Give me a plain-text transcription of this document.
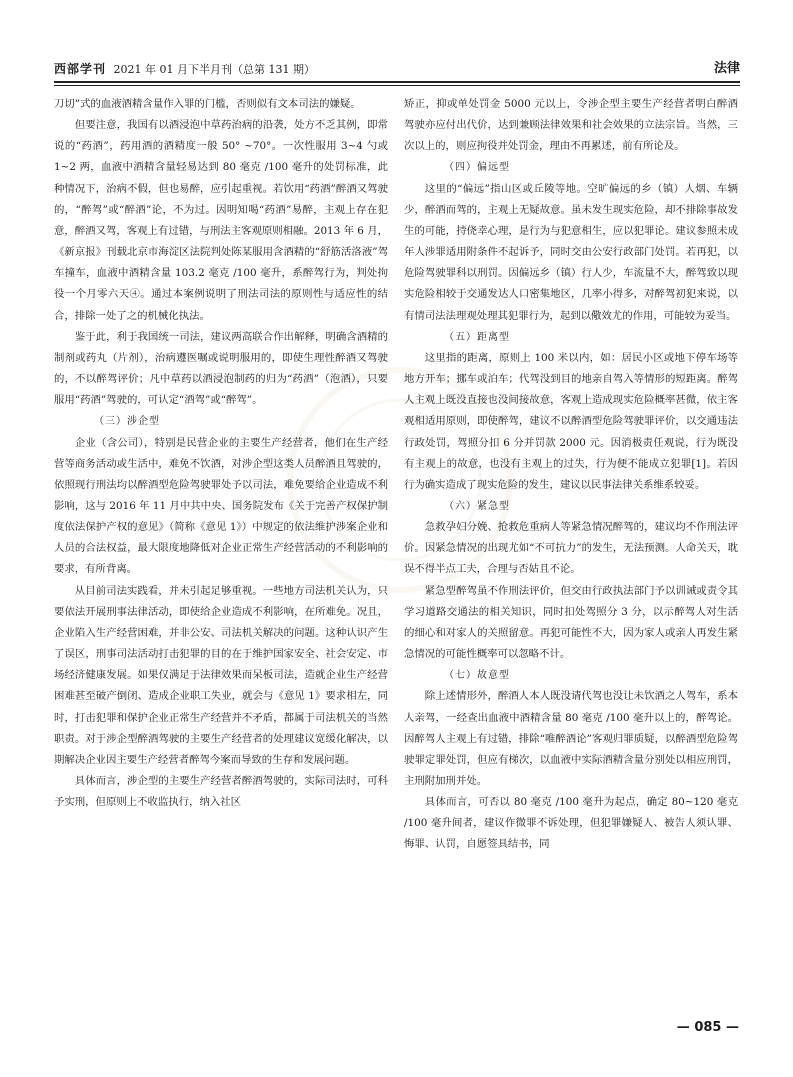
西部学刊 2021 年 01 月下半月刊（总第 131 期）	法律

刀切”式的血液酒精含量作入罪的门槛，否则似有文本司法的嫌疑。

但要注意，我国有以酒浸泡中草药治病的沿袭，处方不乏其例，即常说的“药酒”，药用酒的酒精度一般 50° ~70°。一次性服用 3~4 勺或 1~2 两，血液中酒精含量轻易达到 80 毫克 /100 毫升的处罚标准，此种情况下，治病不假，但也易醉，应引起重视。若饮用“药酒”醉酒又驾驶的，“醉驾”或“醉酒”论，不为过。因明知喝“药酒”易醉，主观上存在犯意，醉酒又驾，客观上有过错，与刑法主客观原则相融。2013 年 6 月，《新京报》刊载北京市海淀区法院判处陈某服用含酒精的“舒筋活洛液”驾车撞车，血液中酒精含量 103.2 毫克 /100 毫升，系醉驾行为，判处拘役一个月零六天④。通过本案例说明了刑法司法的原则性与适应性的结合，排除一处了之的机械化执法。

鉴于此，利于我国统一司法，建议两高联合作出解释，明确含酒精的制剂或药丸（片剂），治病遵医嘱或说明服用的，即使生理性醉酒又驾驶的，不以醉驾评价；凡中草药以酒浸泡制药的归为“药酒”（泡酒），只要服用“药酒”驾驶的，可认定“酒驾”或“醉驾”。

（三）涉企型

企业（含公司），特别是民营企业的主要生产经营者，他们在生产经营等商务活动或生活中，难免不饮酒，对涉企型这类人员醉酒且驾驶的，依照现行刑法均以醉酒型危险驾驶罪处予以司法，难免要给企业造成不利影响，这与 2016 年 11 月中共中央、国务院发布《关于完善产权保护制度依法保护产权的意见》（简称《意见 1》）中规定的依法维护涉案企业和人员的合法权益，最大限度地降低对企业正常生产经营活动的不利影响的要求，有所背离。

从目前司法实践看，并未引起足够重视。一些地方司法机关认为，只要依法开展刑事法律活动，即使给企业造成不利影响，在所难免。况且，企业陷入生产经营困难，并非公安、司法机关解决的问题。这种认识产生了误区，刑事司法活动打击犯罪的目的在于维护国家安全、社会安定、市场经济健康发展。如果仅满足于法律效果而呆板司法，造就企业生产经营困难甚至破产倒闭、造成企业职工失业，就会与《意见 1》要求相左，同时，打击犯罪和保护企业正常生产经营并不矛盾，都属于司法机关的当然职责。对于涉企型醉酒驾驶的主要生产经营者的处理建议宽缓化解决，以期解决企业因主要生产经营者醉驾今案而导致的生存和发展问题。

具体而言，涉企型的主要生产经营者醉酒驾驶的，实际司法时，可科予实刑，但原则上不收监执行，纳入社区

矫正，抑或单处罚金 5000 元以上，令涉企型主要生产经营者明白醉酒驾驶亦应付出代价，达到兼顾法律效果和社会效果的立法宗旨。当然，三次以上的，则应拘役并处罚金，理由不再累述，前有所论及。

（四）偏远型

这里的“偏远”指山区或丘陵等地。空旷偏远的乡（镇）人烟、车辆少，醉酒而驾的，主观上无疑故意。虽未发生现实危险，却不排除事故发生的可能，持侥幸心理，是行为与犯意相生，应以犯罪论。建议参照未成年人涉罪适用附条件不起诉予，同时交由公安行政部门处罚。若再犯，以危险驾驶罪科以刑罚。因偏远乡（镇）行人少，车流量不大，醉驾致以现实危险相较于交通发达人口密集地区，几率小得多，对醉驾初犯来说，以有情司法法理观处理其犯罪行为，起到以儆效尤的作用，可能较为妥当。

（五）距离型

这里指的距离，原则上 100 米以内，如：居民小区或地下停车场等地方开车；挪车或泊车；代驾没到目的地亲自驾入等情形的短距离。醉驾人主观上既没直接也没间接故意，客观上造成现实危险概率甚微，依主客观相适用原则，即使醉驾，建议不以醉酒型危险驾驶罪评价，以交通违法行政处罚，驾照分扣 6 分并罚款 2000 元。因消极责任观说，行为既没有主观上的故意，也没有主观上的过失，行为便不能成立犯罪[1]。若因行为确实造成了现实危险的发生，建议以民事法律关系维系较妥。

（六）紧急型

急救孕妇分娩、抢救危重病人等紧急情况醉驾的，建议均不作刑法评价。因紧急情况的出现尤如“不可抗力”的发生，无法预测。人命关天，耽误不得半点工夫，合理与否姑且不论。

紧急型醉驾虽不作刑法评价，但交由行政执法部门予以训诫或责令其学习道路交通法的相关知识，同时扣处驾照分 3 分，以示醉驾人对生活的细心和对家人的关照留意。再犯可能性不大，因为家人或亲人再发生紧急情况的可能性概率可以忽略不计。

（七）故意型

除上述情形外，醉酒人本人既没请代驾也没让未饮酒之人驾车，系本人亲驾，一经查出血液中酒精含量 80 毫克 /100 毫升以上的，醉驾论。因醉驾人主观上有过错，排除“唯醉酒论”客观归罪质疑，以醉酒型危险驾驶罪定罪处罚，但应有梯次，以血液中实际酒精含量分别处以相应刑罚，主刑附加刑并处。

具体而言，可否以 80 毫克 /100 毫升为起点，确定 80~120 毫克 /100 毫升间者，建议作微罪不诉处理，但犯罪嫌疑人、被告人须认罪、悔罪、认罚，自愿签具结书，同

— 085 —
